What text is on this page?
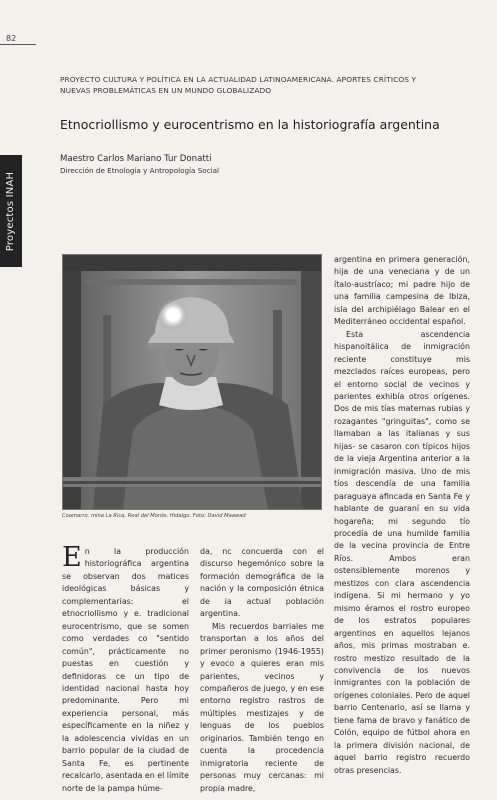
82
Proyectos INAH
PROYECTO CULTURA Y POLÍTICA EN LA ACTUALIDAD LATINOAMERICANA. APORTES CRÍTICOS Y
NUEVAS PROBLEMÁTICAS EN UN MUNDO GLOBALIZADO
Etnocriollismo y eurocentrismo en la historiografía argentina
Maestro Carlos Mariano Tur Donatti
Dirección de Etnología y Antropología Social
Coamarro, mina La Rica, Real del Monte, Hidalgo. Foto: David Maawad
E n la producción historiográfica argentina se observan dos matices ideológicas básicas y complementarias: el etnocriollismo y e. tradicional eurocentrismo, que se somen como verdades co "sentido común", prácticamente no puestas en cuestión y definidoras ce un tipo de identidad nacional hasta hoy predominante. Pero mi experiencia personal, más específicamente en la niñez y la adolescencia vividas en un barrio popular de la ciudad de Santa Fe, es pertinente recalcarlo, asentada en el límite norte de la pampa húme-

da, nc concuerda con el discurso hegemónico sobre la formación demográfica de la nación y la composición étnica de ia actual población argentina.

Mis recuerdos barriales me transportan a los años del primer peronismo (1946-1955) y evoco a quieres eran mis parientes, vecinos y compañeros de juego, y en ese entorno registro rastros de múltiples mestizajes y de lenguas de los pueblos originarios. También tengo en cuenta la procedencia inmigratoria reciente de personas muy cercanas: mi propia madre,

argentina en primera generación, hija de una veneciana y de un ítalo-austríaco; mi padre hijo de una familia campesina de Ibiza, isla del archipiélago Balear en el Mediterráneo occidental español.

Esta ascendencia hispanoitálica de inmigración reciente constituye mis mezclados raíces europeas, pero el entorno social de vecinos y parientes exhibía otros orígenes. Dos de mis tías maternas rubias y rozagantes "gringuitas", como se llamaban a las italianas y sus hijas- se casaron con típicos hijos de la vieja Argentina anterior a la inmigración masiva. Uno de mis tíos descendía de una familia paraguaya afincada en Santa Fe y hablante de guaraní en su vida hogareña; mi segundo tío procedía de una humilde familia de la vecina provincia de Entre Ríos. Ambos eran ostensiblemente morenos y mestizos con clara ascendencia indígena. Si mi hermano y yo mismo éramos el rostro europeo de los estratos populares argentinos en aquellos lejanos años, mis primas mostraban e. rostro mestizo resultado de la convivencia de los nuevos inmigrantes con la población de orígenes coloniales. Pero de aquel barrio Centenario, así se llama y tiene fama de bravo y fanático de Colón, equipo de fútbol ahora en la primera división nacional, de aquel barrio registro recuerdo otras presencias.
